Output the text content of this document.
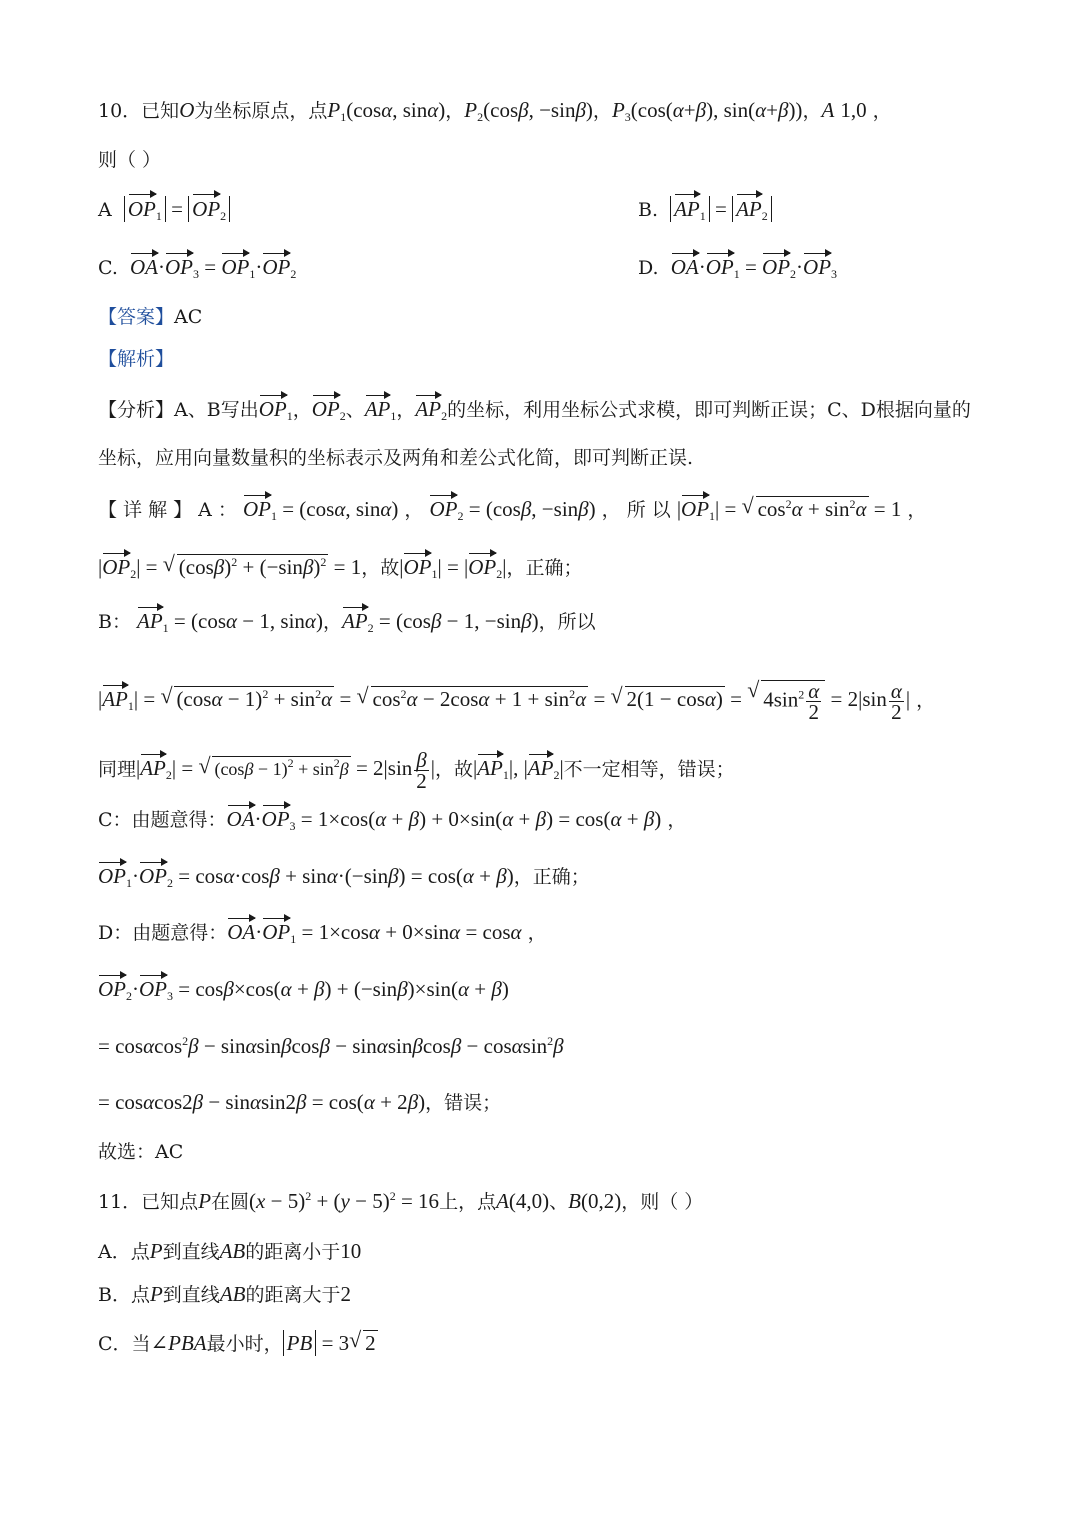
10．已知O为坐标原点，点$P_1(\cos\alpha$, sinα)，$P_2(\cos\beta$, −sinβ)，$P_3(\cos(\alpha+\beta)$, sin(α+β))，A 1,0 ，
则（ ）
A $OP_1 = OP_2$	B. $AP_1 = AP_2$
C. $OA\cdot OP_3 = OP_1\cdot OP_2$	D. $OA\cdot OP_1 = OP_2\cdot OP_3$
【答案】AC
【解析】
【分析】A、B写出$OP_1$，$OP_2$、$AP_1$，$AP_2$的坐标，利用坐标公式求模，即可判断正误；C、D根据向量的
坐标，应用向量数量积的坐标表示及两角和差公式化简，即可判断正误.
【 详 解 】 A ： $OP_1 = (\cos\alpha$, sinα) ， $OP_2 = (\cos\beta$, −sinβ) ， 所 以 $|OP_1|$ = √ $\cos^2\alpha + \sin^2\alpha = 1$ ，
$|OP_2|$ = √ $(\cos\beta)^2 + (-\sin\beta)^2 = 1$，故$|OP_1| = |OP_2|$，正确；
B： $AP_1 = (\cos\alpha - 1$, sinα)，$AP_2 = (\cos\beta - 1$, −sinβ)，所以
$|AP_1|$ = √ $(\cos\alpha - 1)^2 + \sin^2\alpha$ = √ $\cos^2\alpha - 2\cos\alpha + 1 + \sin^2\alpha$ = √ 2(1 − cosα) = √ $4\sin^2 \frac{\alpha}{2} = 2|\sin \frac{\alpha}{2}$ | ，
同理$|AP_2|$ = √ $(\cos\beta - 1)^2 + \sin^2\beta = 2|\sin \frac{\beta}{2}$ |，故$|AP_1|$, $|AP_2|$不一定相等，错误；
C：由题意得：$OA\cdot OP_3 = 1\times\cos(\alpha + \beta) + 0\times\sin(\alpha + \beta) = \cos(\alpha + \beta)$ ，
$OP_1\cdot OP_2 = \cos\alpha\cdot\cos\beta + \sin\alpha\cdot(-\sin\beta) = \cos(\alpha + \beta)$，正确；
D：由题意得：$OA\cdot OP_1 = 1\times\cos\alpha + 0\times\sin\alpha = \cos\alpha$ ，
$OP_2\cdot OP_3 = \cos\beta\times\cos(\alpha + \beta) + (-\sin\beta)\times\sin(\alpha + \beta)$
= cosαcos$^2$β − sinαsinβcosβ − sinαsinβcosβ − cosαsin$^2$β
= cosαcos2β − sinαsin2β = cos(α + 2β)，错误；
故选：AC
11．已知点P在圆$(x - 5)^2 + (y - 5)^2 = 16$上，点A(4,0)、B(0,2)，则（ ）
A．点P到直线AB的距离小于10
B．点P到直线AB的距离大于2
C．当∠PBA最小时， PB = 3√ 2
